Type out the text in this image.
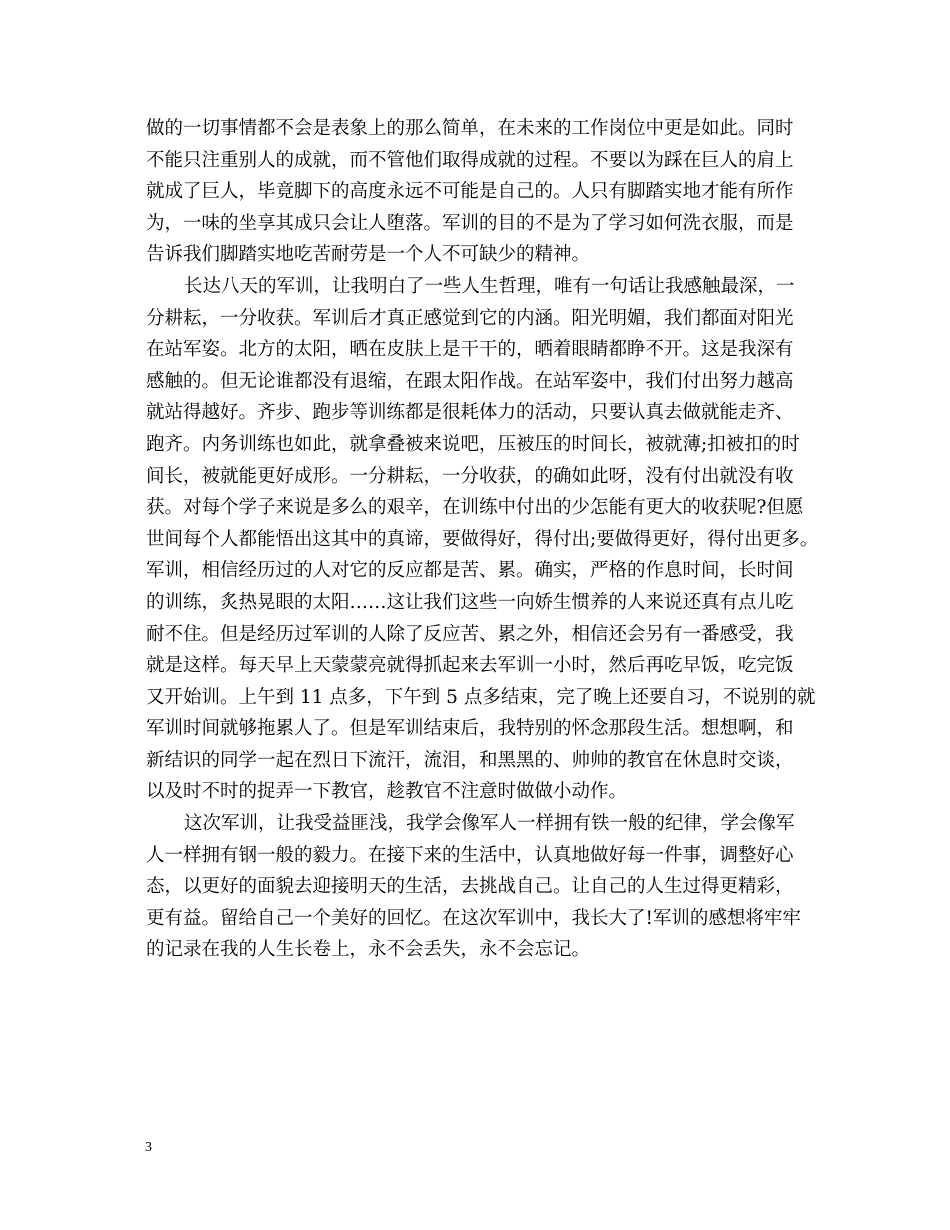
做的一切事情都不会是表象上的那么简单，在未来的工作岗位中更是如此。同时
不能只注重别人的成就，而不管他们取得成就的过程。不要以为踩在巨人的肩上
就成了巨人，毕竟脚下的高度永远不可能是自己的。人只有脚踏实地才能有所作
为，一味的坐享其成只会让人堕落。军训的目的不是为了学习如何洗衣服，而是
告诉我们脚踏实地吃苦耐劳是一个人不可缺少的精神。
长达八天的军训，让我明白了一些人生哲理，唯有一句话让我感触最深，一
分耕耘，一分收获。军训后才真正感觉到它的内涵。阳光明媚，我们都面对阳光
在站军姿。北方的太阳，晒在皮肤上是干干的，晒着眼睛都睁不开。这是我深有
感触的。但无论谁都没有退缩，在跟太阳作战。在站军姿中，我们付出努力越高
就站得越好。齐步、跑步等训练都是很耗体力的活动，只要认真去做就能走齐、
跑齐。内务训练也如此，就拿叠被来说吧，压被压的时间长，被就薄;扣被扣的时
间长，被就能更好成形。一分耕耘，一分收获，的确如此呀，没有付出就没有收
获。对每个学子来说是多么的艰辛，在训练中付出的少怎能有更大的收获呢?但愿
世间每个人都能悟出这其中的真谛，要做得好，得付出;要做得更好，得付出更多。
军训，相信经历过的人对它的反应都是苦、累。确实，严格的作息时间，长时间
的训练，炙热晃眼的太阳……这让我们这些一向娇生惯养的人来说还真有点儿吃
耐不住。但是经历过军训的人除了反应苦、累之外，相信还会另有一番感受，我
就是这样。每天早上天蒙蒙亮就得抓起来去军训一小时，然后再吃早饭，吃完饭
又开始训。上午到 11 点多，下午到 5 点多结束，完了晚上还要自习，不说别的就
军训时间就够拖累人了。但是军训结束后，我特别的怀念那段生活。想想啊，和
新结识的同学一起在烈日下流汗，流泪，和黑黑的、帅帅的教官在休息时交谈，
以及时不时的捉弄一下教官，趁教官不注意时做做小动作。
这次军训，让我受益匪浅，我学会像军人一样拥有铁一般的纪律，学会像军
人一样拥有钢一般的毅力。在接下来的生活中，认真地做好每一件事，调整好心
态，以更好的面貌去迎接明天的生活，去挑战自己。让自己的人生过得更精彩，
更有益。留给自己一个美好的回忆。在这次军训中，我长大了!军训的感想将牢牢
的记录在我的人生长卷上，永不会丢失，永不会忘记。
3
